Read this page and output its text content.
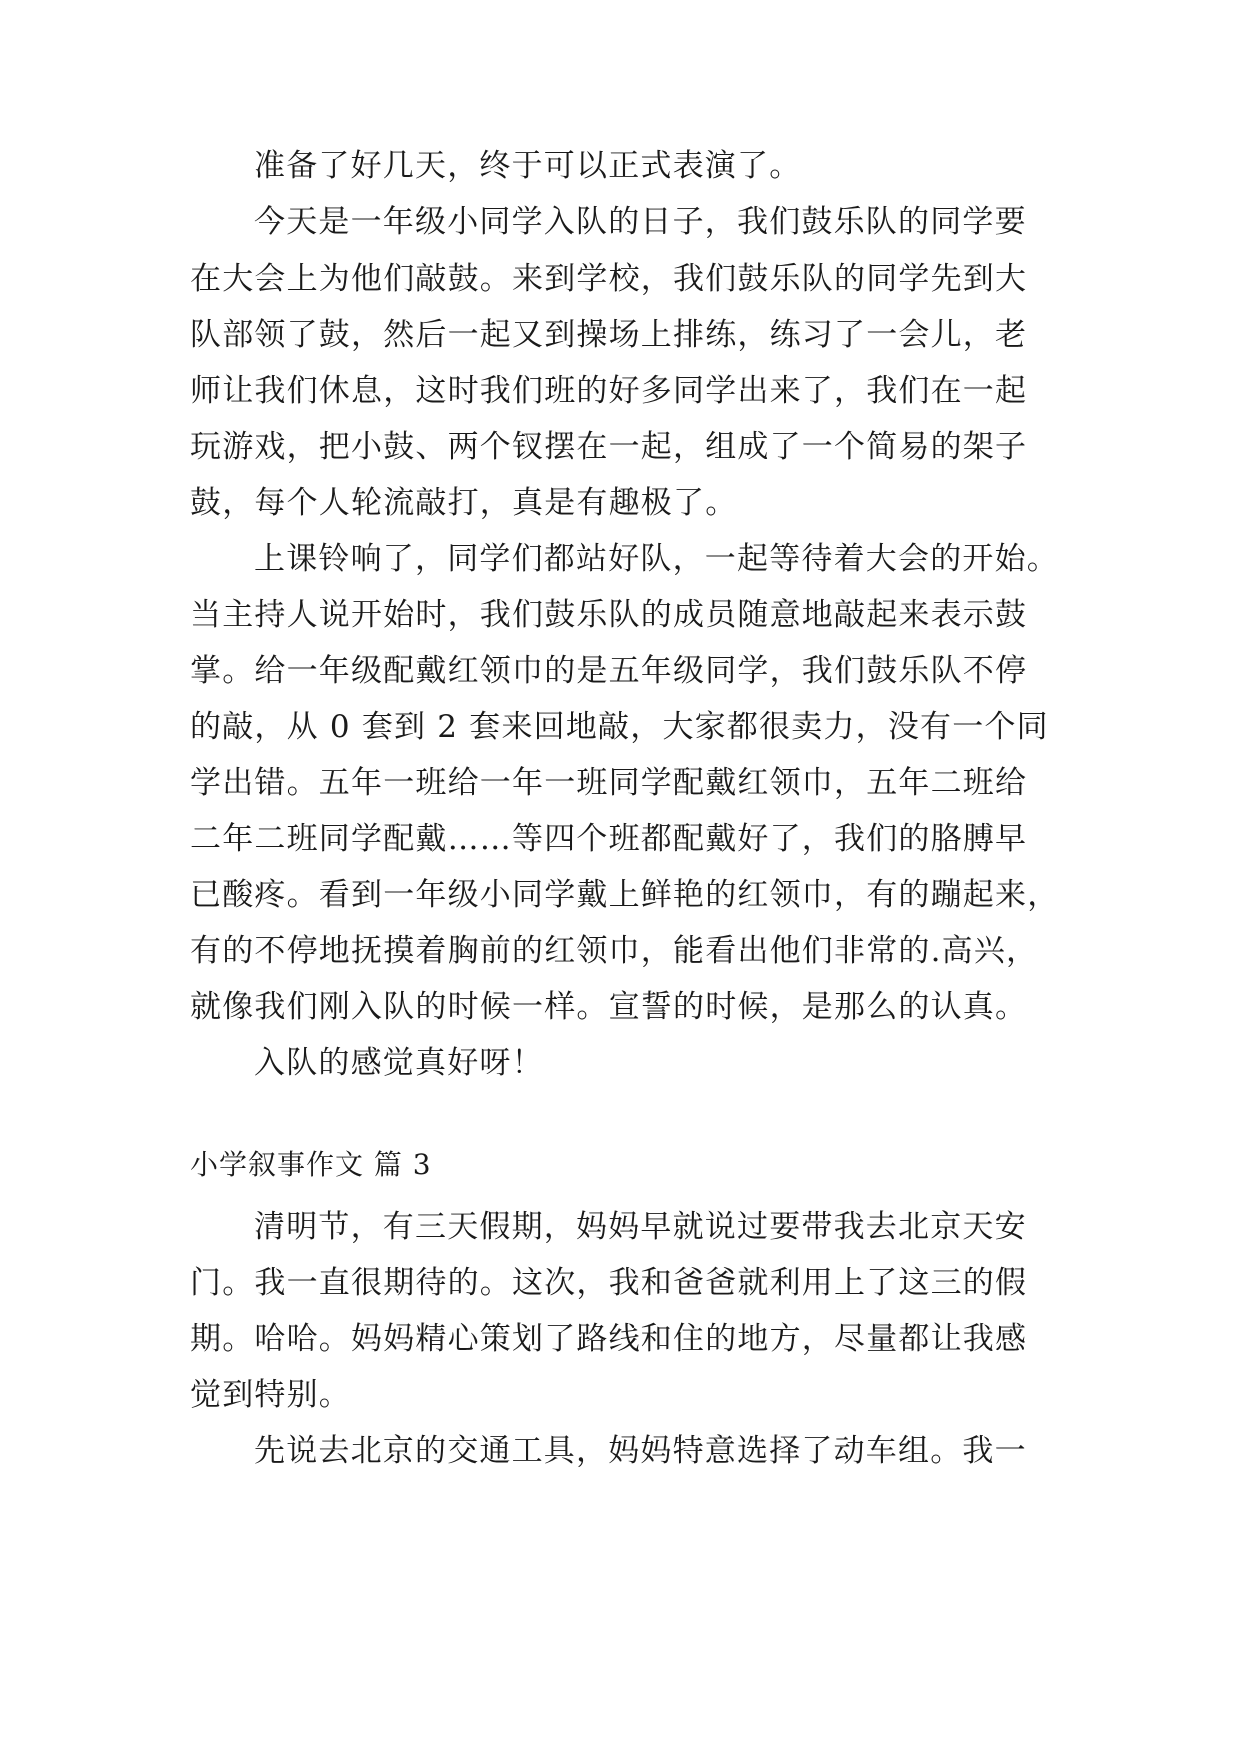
准备了好几天，终于可以正式表演了。
今天是一年级小同学入队的日子，我们鼓乐队的同学要
在大会上为他们敲鼓。来到学校，我们鼓乐队的同学先到大
队部领了鼓，然后一起又到操场上排练，练习了一会儿，老
师让我们休息，这时我们班的好多同学出来了，我们在一起
玩游戏，把小鼓、两个钗摆在一起，组成了一个简易的架子
鼓，每个人轮流敲打，真是有趣极了。
上课铃响了，同学们都站好队，一起等待着大会的开始。
当主持人说开始时，我们鼓乐队的成员随意地敲起来表示鼓
掌。给一年级配戴红领巾的是五年级同学，我们鼓乐队不停
的敲，从 0 套到 2 套来回地敲，大家都很卖力，没有一个同
学出错。五年一班给一年一班同学配戴红领巾，五年二班给
二年二班同学配戴……等四个班都配戴好了，我们的胳膊早
已酸疼。看到一年级小同学戴上鲜艳的红领巾，有的蹦起来，
有的不停地抚摸着胸前的红领巾，能看出他们非常的.高兴，
就像我们刚入队的时候一样。宣誓的时候，是那么的认真。
入队的感觉真好呀！
小学叙事作文 篇 3
清明节，有三天假期，妈妈早就说过要带我去北京天安
门。我一直很期待的。这次，我和爸爸就利用上了这三的假
期。哈哈。妈妈精心策划了路线和住的地方，尽量都让我感
觉到特别。
先说去北京的交通工具，妈妈特意选择了动车组。我一
